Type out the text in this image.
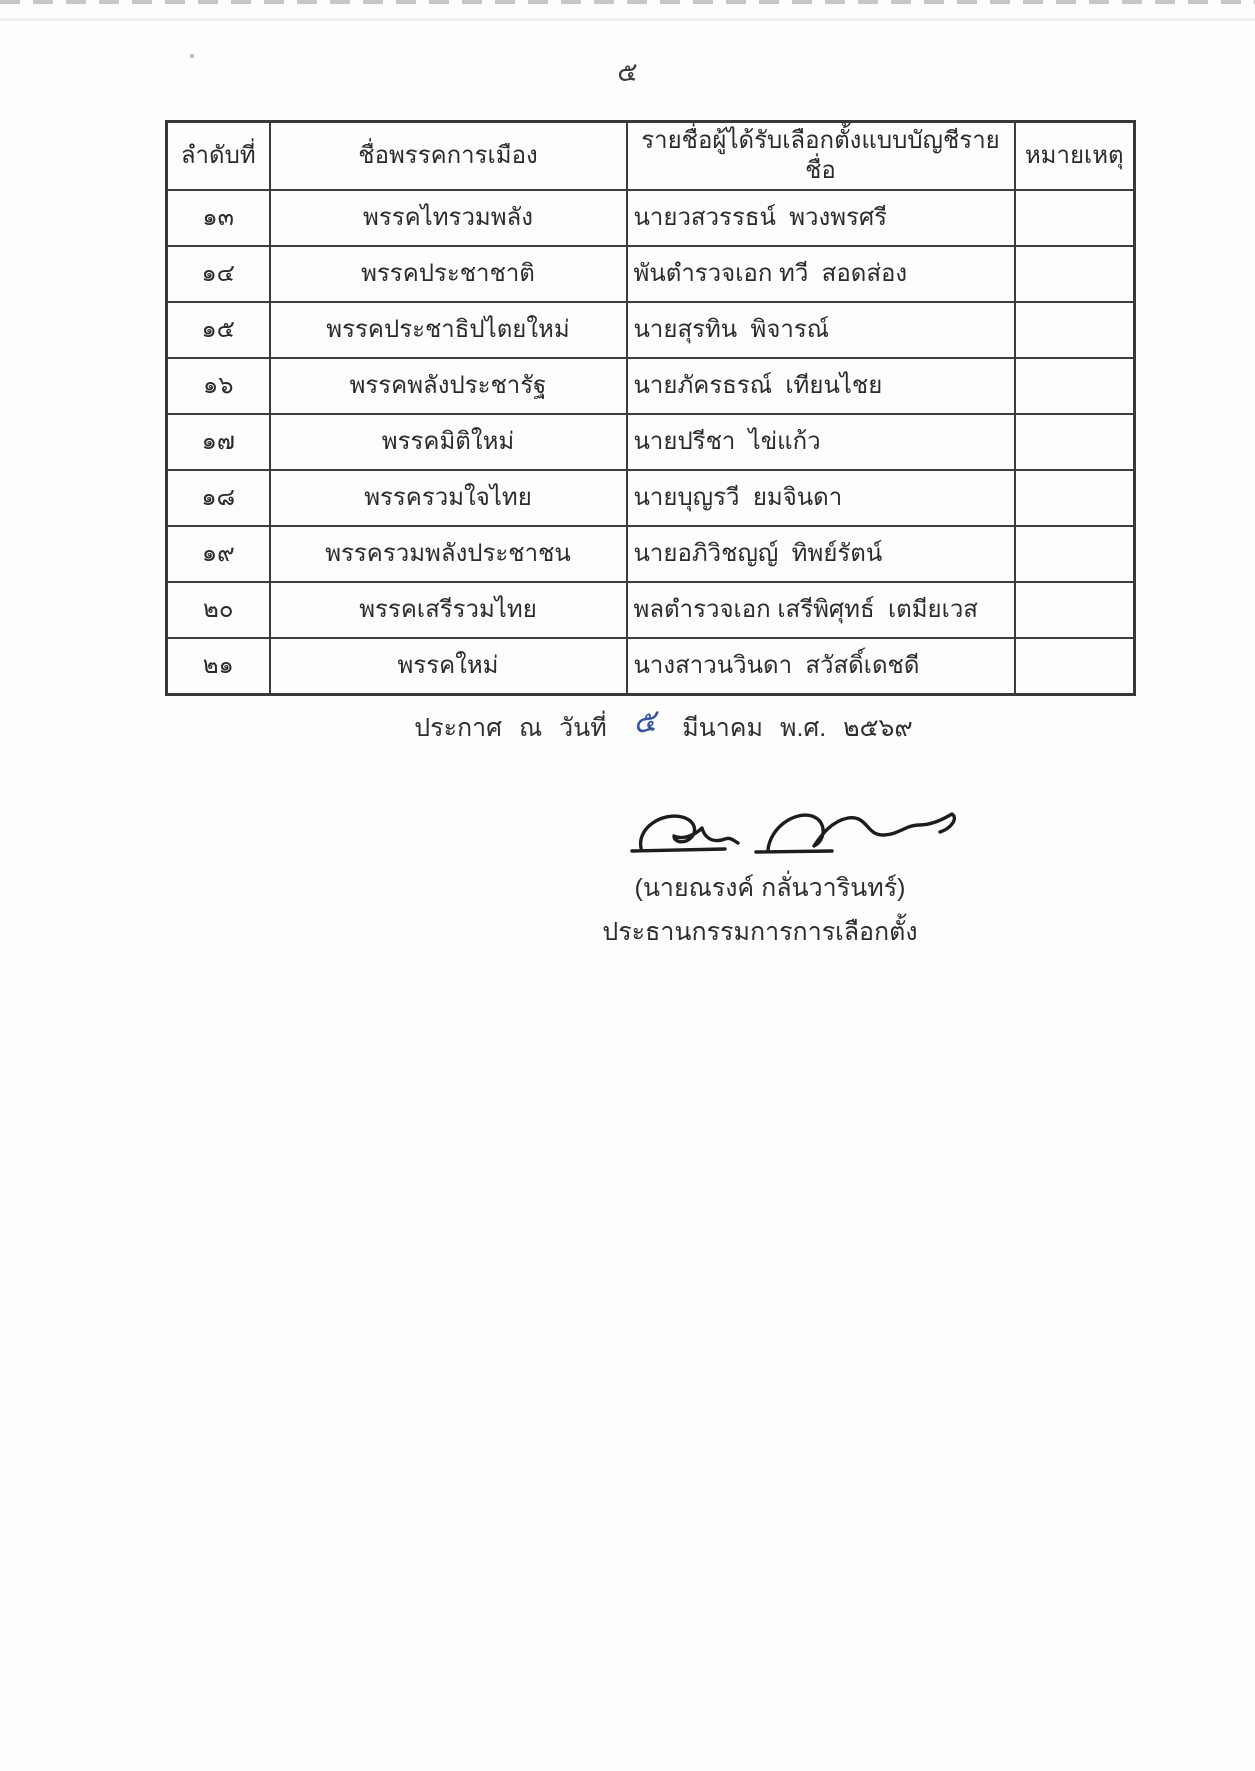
๕
ลำดับที่	ชื่อพรรคการเมือง	รายชื่อผู้ได้รับเลือกตั้งแบบบัญชีรายชื่อ	หมายเหตุ
๑๓	พรรคไทรวมพลัง	นายวสวรรธน์  พวงพรศรี	
๑๔	พรรคประชาชาติ	พันตำรวจเอก ทวี  สอดส่อง	
๑๕	พรรคประชาธิปไตยใหม่	นายสุรทิน  พิจารณ์	
๑๖	พรรคพลังประชารัฐ	นายภัครธรณ์  เทียนไชย	
๑๗	พรรคมิติใหม่	นายปรีชา  ไข่แก้ว	
๑๘	พรรครวมใจไทย	นายบุญรวี  ยมจินดา	
๑๙	พรรครวมพลังประชาชน	นายอภิวิชญญ์  ทิพย์รัตน์	
๒๐	พรรคเสรีรวมไทย	พลตำรวจเอก เสรีพิศุทธ์  เตมียเวส	
๒๑	พรรคใหม่	นางสาวนวินดา  สวัสดิ์เดชดี	
ประกาศ ณ วันที่ ๕ มีนาคม พ.ศ. ๒๕๖๙
(นายณรงค์ กลั่นวารินทร์)
ประธานกรรมการการเลือกตั้ง
